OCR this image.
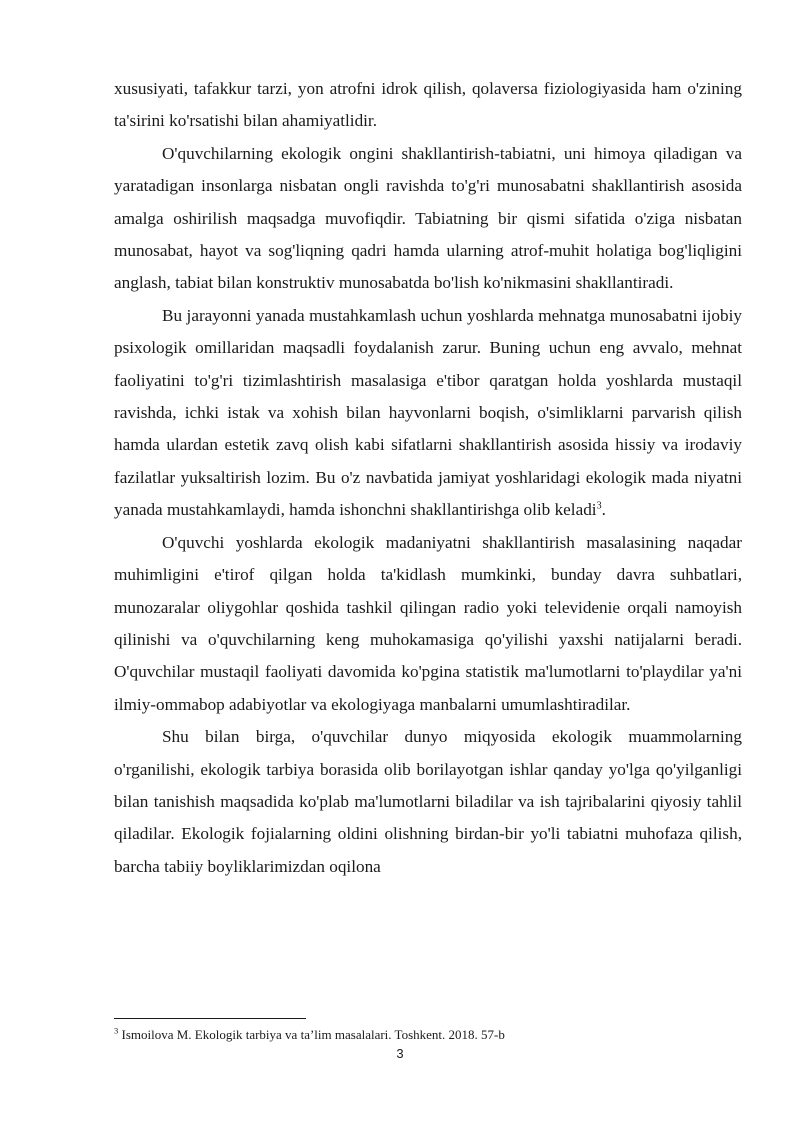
xususiyati, tafakkur tarzi, yon atrofni idrok qilish, qolaversa fiziologiyasida ham o'zining ta'sirini ko'rsatishi bilan ahamiyatlidir.

O'quvchilarning ekologik ongini shakllantirish-tabiatni, uni himoya qiladigan va yaratadigan insonlarga nisbatan ongli ravishda to'g'ri munosabatni shakllantirish asosida amalga oshirilish maqsadga muvofiqdir. Tabiatning bir qismi sifatida o'ziga nisbatan munosabat, hayot va sog'liqning qadri hamda ularning atrof-muhit holatiga bog'liqligini anglash, tabiat bilan konstruktiv munosabatda bo'lish ko'nikmasini shakllantiradi.

Bu jarayonni yanada mustahkamlash uchun yoshlarda mehnatga munosabatni ijobiy psixologik omillaridan maqsadli foydalanish zarur. Buning uchun eng avvalo, mehnat faoliyatini to'g'ri tizimlashtirish masalasiga e'tibor qaratgan holda yoshlarda mustaqil ravishda, ichki istak va xohish bilan hayvonlarni boqish, o'simliklarni parvarish qilish hamda ulardan estetik zavq olish kabi sifatlarni shakllantirish asosida hissiy va irodaviy fazilatlar yuksaltirish lozim. Bu o'z navbatida jamiyat yoshlaridagi ekologik mada niyatni yanada mustahkamlaydi, hamda ishonchni shakllantirishga olib keladi$^3$.

O'quvchi yoshlarda ekologik madaniyatni shakllantirish masalasining naqadar muhimligini e'tirof qilgan holda ta'kidlash mumkinki, bunday davra suhbatlari, munozaralar oliygohlar qoshida tashkil qilingan radio yoki televidenie orqali namoyish qilinishi va o'quvchilarning keng muhokamasiga qo'yilishi yaxshi natijalarni beradi. O'quvchilar mustaqil faoliyati davomida ko'pgina statistik ma'lumotlarni to'playdilar ya'ni ilmiy-ommabop adabiyotlar va ekologiyaga manbalarni umumlashtiradilar.

Shu bilan birga, o'quvchilar dunyo miqyosida ekologik muammolarning o'rganilishi, ekologik tarbiya borasida olib borilayotgan ishlar qanday yo'lga qo'yilganligi bilan tanishish maqsadida ko'plab ma'lumotlarni biladilar va ish tajribalarini qiyosiy tahlil qiladilar. Ekologik fojialarning oldini olishning birdan-bir yo'li tabiatni muhofaza qilish, barcha tabiiy boyliklarimizdan oqilona

$^3$ Ismoilova M. Ekologik tarbiya va ta’lim masalalari. Toshkent. 2018. 57-b
3
